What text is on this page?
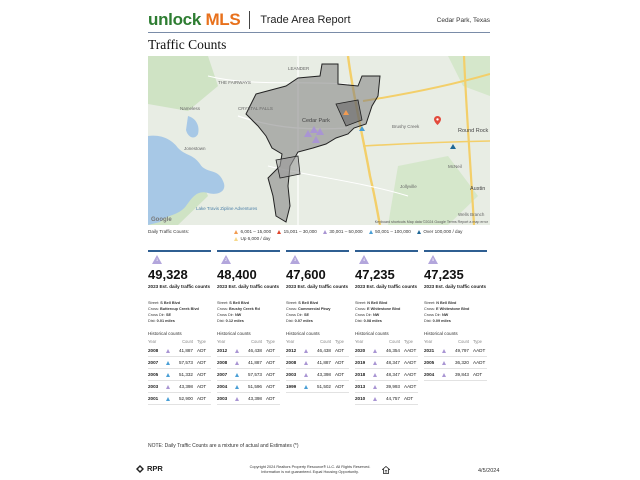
unlock MLS Trade Area Report	Cedar Park, Texas
Traffic Counts
Nameless
Jonestown
Lake Travis Zipline Adventures
McNeil
Round Rock
Jollyville
Wells Branch
Brushy Creek
Austin
THE FAIRWAYS
CRYSTAL FALLS
Cedar Park
LEANDER
Google	Keyboard shortcuts Map data ©2024 Google Terms Report a map error
Daily Traffic Counts:	6,001 – 15,000	15,001 – 30,000	30,001 – 50,000	50,001 – 100,000	Over 100,000 / day
Up 6,000 / day
1
49,328
2023 Est. daily traffic counts
Street: S Bell Blvd
Cross: Buttercup Creek Blvd
Cross Dir: SE
Dist: 0.01 miles
Historical counts
Year	Count Type
2008	41,887 ADT
2007	57,573 ADT
2005	51,332 ADT
2003	43,398 ADT
2001	52,900 ADT
2
48,400
2023 Est. daily traffic counts
Street: S Bell Blvd
Cross: Brushy Creek Rd
Cross Dir: NW
Dist: 0.12 miles
Historical counts
Year	Count Type
2012	46,438 ADT
2008	41,887 ADT
2007	57,573 ADT
2004	51,596 ADT
2003	43,398 ADT
3
47,600
2023 Est. daily traffic counts
Street: S Bell Blvd
Cross: Commercial Pkwy
Cross Dir: SE
Dist: 0.07 miles
Historical counts
Year	Count Type
2012	46,438 ADT
2008	41,887 ADT
2003	43,398 ADT
1999	51,502 ADT
4
47,235
2023 Est. daily traffic counts
Street: N Bell Blvd
Cross: E Whitestone Blvd
Cross Dir: NW
Dist: 0.08 miles
Historical counts
Year	Count Type
2020	46,354 AADT
2019	48,347 AADT
2018	48,347 AADT
2013	39,993 AADT
2010	44,757 ADT
5
47,235
2023 Est. daily traffic counts
Street: N Bell Blvd
Cross: E Whitestone Blvd
Cross Dir: NW
Dist: 0.09 miles
Historical counts
Year	Count Type
2021	49,797 AADT
2005	36,320 AADT
2004	39,843 ADT
NOTE: Daily Traffic Counts are a mixture of actual and Estimates (*)
RPR	Copyright 2024 Realtors Property Resource® LLC. All Rights Reserved.
Information is not guaranteed. Equal Housing Opportunity.	4/5/2024
